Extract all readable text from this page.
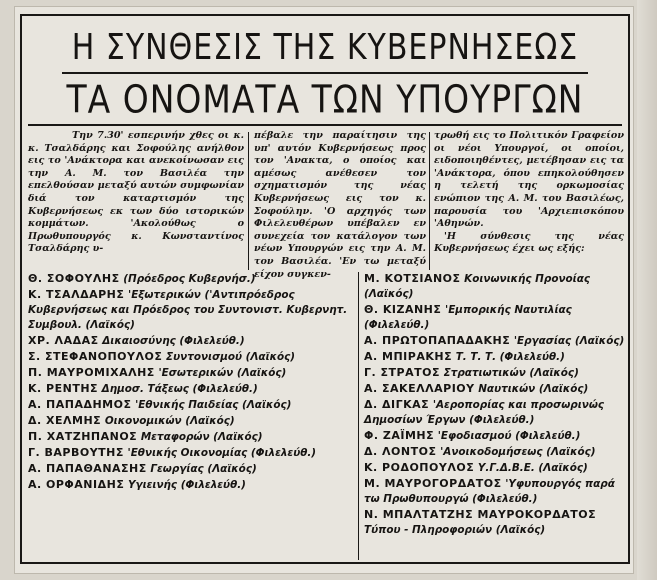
Η ΣΥΝΘΕΣΙΣ ΤΗΣ ΚΥΒΕΡΝΗΣΕΩΣ
ΤΑ ΟΝΟΜΑΤΑ ΤΩΝ ΥΠΟΥΡΓΩΝ

Την 7.30' εσπερινήν χθες οι κ. κ. Τσαλδάρης και Σοφούλης ανήλθον εις το 'Ανάκτορα και ανεκοίνωσαν εις την Α. Μ. τον Βασιλέα την επελθούσαν μεταξύ αυτών συμφωνίαν διά τον καταρτισμόν της Κυβερνήσεως εκ των δύο ιστορικών κομμάτων. 'Ακολούθως ο Πρωθυπουργός κ. Κωνσταντίνος Τσαλδάρης υ-

πέβαλε την παραίτησιν της υπ' αυτόν Κυβερνήσεως προς τον 'Ανακτα, ο οποίος και αμέσως ανέθεσεν τον σχηματισμόν της νέας Κυβερνήσεως εις τον κ. Σοφούλην. 'Ο αρχηγός των Φιλελευθέρων υπέβαλεν εν συνεχεία τον κατάλογον των νέων Υπουργών εις την Α. Μ. τον Βασιλέα. 'Εν τω μεταξύ είχον συγκεν-

τρωθή εις το Πολιτικόν Γραφείον οι νέοι Υπουργοί, οι οποίοι, ειδοποιηθέντες, μετέβησαν εις τα 'Ανάκτορα, όπου επηκολούθησεν η τελετή της ορκωμοσίας ενώπιον της Α. Μ. του Βασιλέως, παρουσία του 'Αρχιεπισκόπου 'Αθηνών.

'Η σύνθεσις της νέας Κυβερνήσεως έχει ως εξής:

Θ. ΣΟΦΟΥΛΗΣ (Πρόεδρος Κυβερνήσ.)

Κ. ΤΣΑΛΔΑΡΗΣ 'Εξωτερικών ('Αντιπρόεδρος Κυβερνήσεως και Πρόεδρος του Συντονιστ. Κυβερνητ. Συμβουλ. (Λαϊκός)

ΧΡ. ΛΑΔΑΣ Δικαιοσύνης (Φιλελεύθ.)

Σ. ΣΤΕΦΑΝΟΠΟΥΛΟΣ Συντονισμού (Λαϊκός)

Π. ΜΑΥΡΟΜΙΧΑΛΗΣ 'Εσωτερικών (Λαϊκός)

Κ. ΡΕΝΤΗΣ Δημοσ. Τάξεως (Φιλελεύθ.)

Α. ΠΑΠΑΔΗΜΟΣ 'Εθνικής Παιδείας (Λαϊκός)

Δ. ΧΕΛΜΗΣ Οικονομικών (Λαϊκός)

Π. ΧΑΤΖΗΠΑΝΟΣ Μεταφορών (Λαϊκός)

Γ. ΒΑΡΒΟΥΤΗΣ 'Εθνικής Οικονομίας (Φιλελεύθ.)

Α. ΠΑΠΑΘΑΝΑΣΗΣ Γεωργίας (Λαϊκός)

Α. ΟΡΦΑΝΙΔΗΣ Υγιεινής (Φιλελεύθ.)

Μ. ΚΟΤΣΙΑΝΟΣ Κοινωνικής Προνοίας (Λαϊκός)

Θ. ΚΙΖΑΝΗΣ 'Εμπορικής Ναυτιλίας (Φιλελεύθ.)

Α. ΠΡΩΤΟΠΑΠΑΔΑΚΗΣ 'Εργασίας (Λαϊκός)

Α. ΜΠΙΡΑΚΗΣ Τ. Τ. Τ. (Φιλελεύθ.)

Γ. ΣΤΡΑΤΟΣ Στρατιωτικών (Λαϊκός)

Α. ΣΑΚΕΛΛΑΡΙΟΥ Ναυτικών (Λαϊκός)

Δ. ΔΙΓΚΑΣ 'Αεροπορίας και προσωρινώς Δημοσίων Έργων (Φιλελεύθ.)

Φ. ΖΑΪΜΗΣ 'Εφοδιασμού (Φιλελεύθ.)

Δ. ΛΟΝΤΟΣ 'Ανοικοδομήσεως (Λαϊκός)

Κ. ΡΟΔΟΠΟΥΛΟΣ Υ.Γ.Δ.Β.Ε. (Λαϊκός)

Μ. ΜΑΥΡΟΓΟΡΔΑΤΟΣ 'Υφυπουργός παρά τω Πρωθυπουργώ (Φιλελεύθ.)

Ν. ΜΠΑΛΤΑΤΖΗΣ ΜΑΥΡΟΚΟΡΔΑΤΟΣ Τύπου - Πληροφοριών (Λαϊκός)
